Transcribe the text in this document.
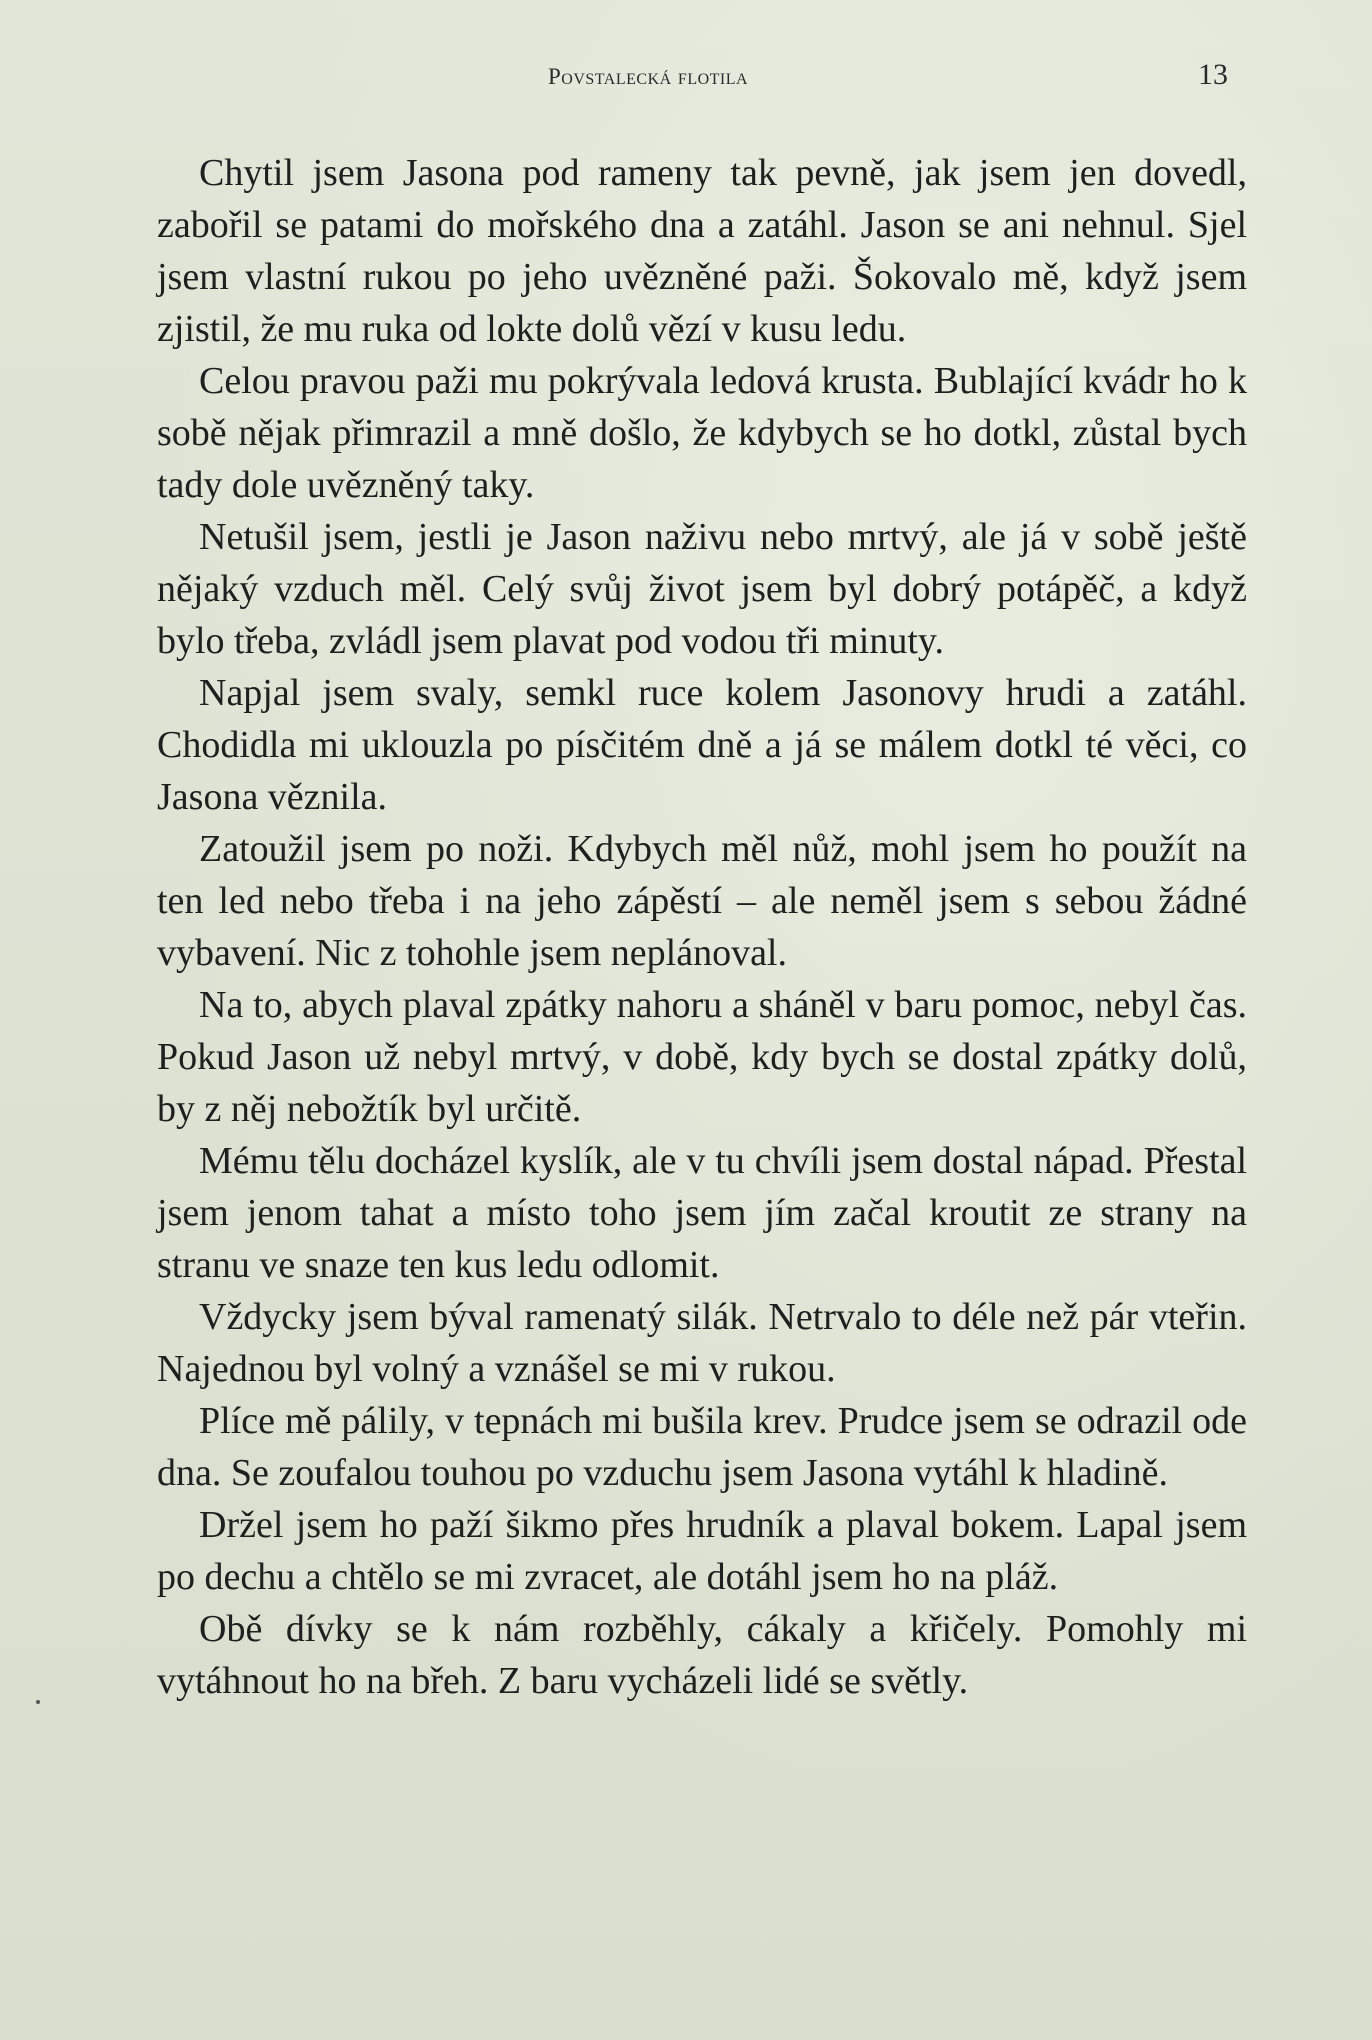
Povstalecká flotila	13

Chytil jsem Jasona pod rameny tak pevně, jak jsem jen dovedl, zabořil se patami do mořského dna a zatáhl. Jason se ani nehnul. Sjel jsem vlastní rukou po jeho uvězněné paži. Šokovalo mě, když jsem zjistil, že mu ruka od lokte dolů vězí v kusu ledu.

Celou pravou paži mu pokrývala ledová krusta. Bublající kvádr ho k sobě nějak přimrazil a mně došlo, že kdybych se ho dotkl, zůstal bych tady dole uvězněný taky.

Netušil jsem, jestli je Jason naživu nebo mrtvý, ale já v sobě ještě nějaký vzduch měl. Celý svůj život jsem byl dobrý potápěč, a když bylo třeba, zvládl jsem plavat pod vodou tři minuty.

Napjal jsem svaly, semkl ruce kolem Jasonovy hrudi a zatáhl. Chodidla mi uklouzla po písčitém dně a já se málem dotkl té věci, co Jasona věznila.

Zatoužil jsem po noži. Kdybych měl nůž, mohl jsem ho použít na ten led nebo třeba i na jeho zápěstí – ale neměl jsem s sebou žádné vybavení. Nic z tohohle jsem neplánoval.

Na to, abych plaval zpátky nahoru a sháněl v baru pomoc, nebyl čas. Pokud Jason už nebyl mrtvý, v době, kdy bych se dostal zpátky dolů, by z něj nebožtík byl určitě.

Mému tělu docházel kyslík, ale v tu chvíli jsem dostal nápad. Přestal jsem jenom tahat a místo toho jsem jím začal kroutit ze strany na stranu ve snaze ten kus ledu odlomit.

Vždycky jsem býval ramenatý silák. Netrvalo to déle než pár vteřin. Najednou byl volný a vznášel se mi v rukou.

Plíce mě pálily, v tepnách mi bušila krev. Prudce jsem se odrazil ode dna. Se zoufalou touhou po vzduchu jsem Jasona vytáhl k hladině.

Držel jsem ho paží šikmo přes hrudník a plaval bokem. Lapal jsem po dechu a chtělo se mi zvracet, ale dotáhl jsem ho na pláž.

Obě dívky se k nám rozběhly, cákaly a křičely. Pomohly mi vytáhnout ho na břeh. Z baru vycházeli lidé se světly.
